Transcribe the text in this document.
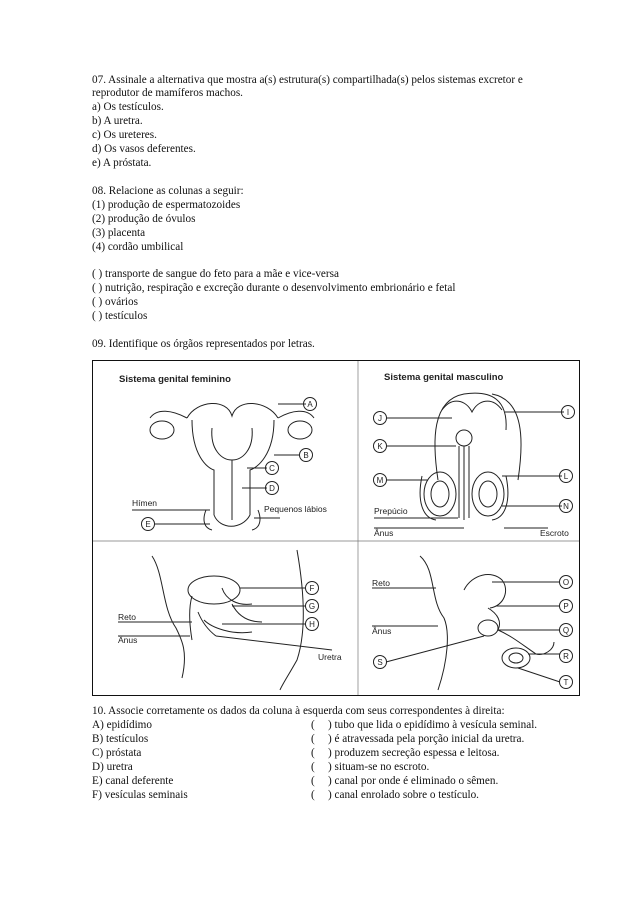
07. Assinale a alternativa que mostra a(s) estrutura(s) compartilhada(s) pelos sistemas excretor e
reprodutor de mamíferos machos.
a) Os testículos.
b) A uretra.
c) Os ureteres.
d) Os vasos deferentes.
e) A próstata.
08. Relacione as colunas a seguir:
(1) produção de espermatozoides
(2) produção de óvulos
(3) placenta
(4) cordão umbilical
( ) transporte de sangue do feto para a mãe e vice-versa
( ) nutrição, respiração e excreção durante o desenvolvimento embrionário e fetal
( ) ovários
( ) testículos
09. Identifique os órgãos representados por letras.
Sistema genital feminino	Sistema genital masculino
Hímen
Pequenos lábios
Reto
Ânus
Uretra
A
B
C
D
E
F
G
H
Prepúcio
Ânus	Escroto
Reto
Ânus
J
K
M
I
L
N
O
P
Q
R
S
T
10. Associe corretamente os dados da coluna à esquerda com seus correspondentes à direita:
A) epidídimo
B) testículos
C) próstata
D) uretra
E) canal deferente
F) vesículas seminais
(
(
(
(
(
(
) tubo que lida o epidídimo à vesícula seminal.
) é atravessada pela porção inicial da uretra.
) produzem secreção espessa e leitosa.
) situam-se no escroto.
) canal por onde é eliminado o sêmen.
) canal enrolado sobre o testículo.
